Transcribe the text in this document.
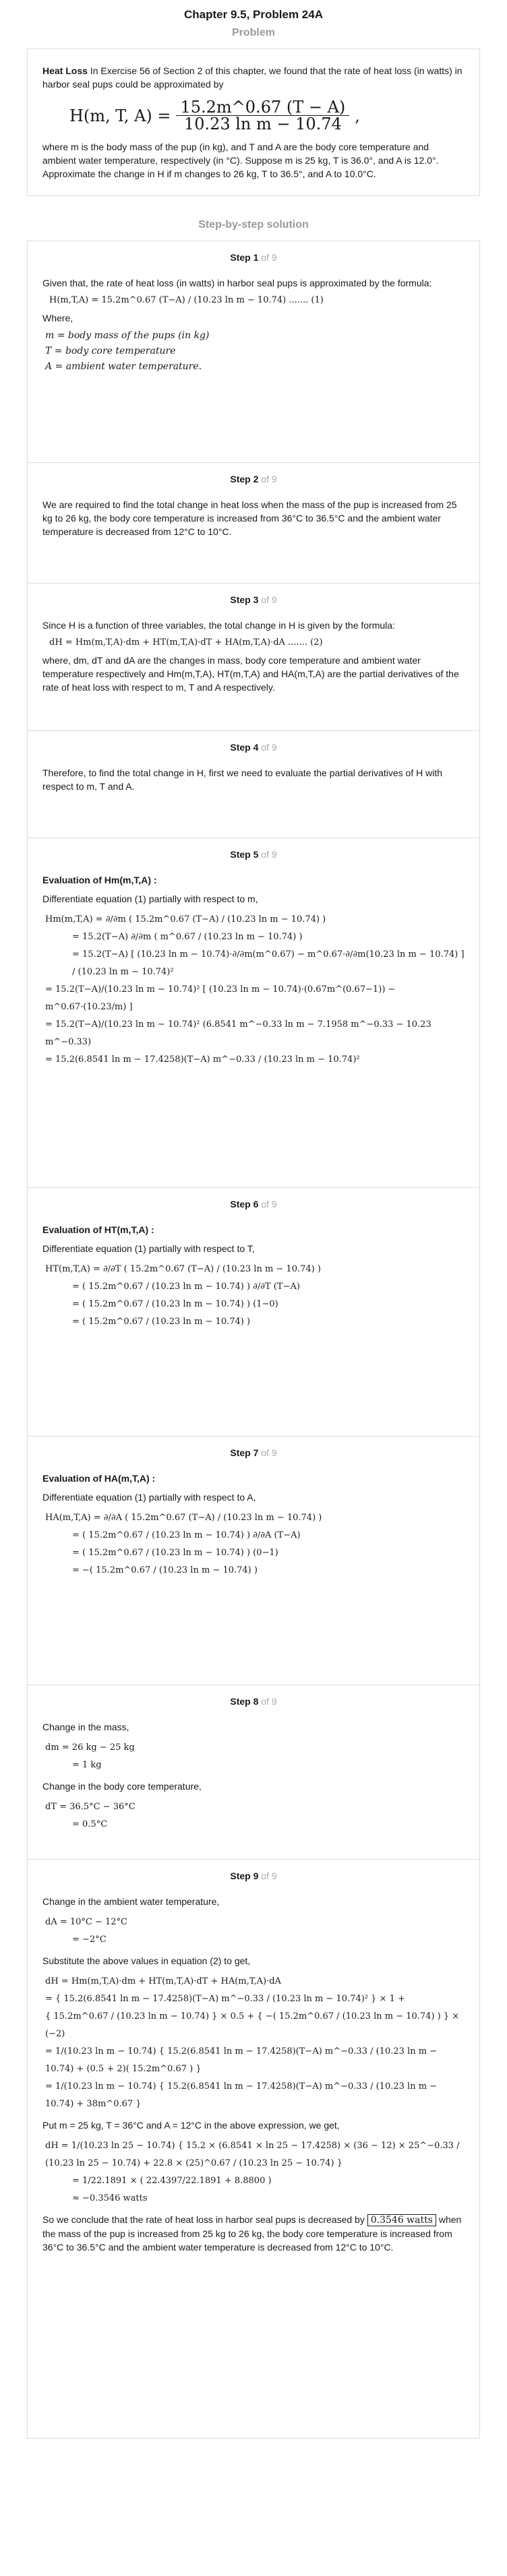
Chapter 9.5, Problem 24A
Problem

Heat Loss In Exercise 56 of Section 2 of this chapter, we found that the rate of heat loss (in watts) in harbor seal pups could be approximated by

H(m, T, $A) = \frac{15.2m\^{}0.67 (T - A)}{\text{10.23 ln m − 10.74}}$ ,

where m is the body mass of the pup (in kg), and T and A are the body core temperature and ambient water temperature, respectively (in °C). Suppose m is 25 kg, T is 36.0°, and A is 12.0°. Approximate the change in H if m changes to 26 kg, T to 36.5°, and A to 10.0°C.

Step-by-step solution
Step 1 of 9

Given that, the rate of heat loss (in watts) in harbor seal pups is approximated by the formula:

H(m,T,A) = 15.2m^0.67 (T−A) / (10.23 ln m − 10.74) ....... (1)

Where,

m = body mass of the pups (in kg)
T = body core temperature
A = ambient water temperature.
Step 2 of 9

We are required to find the total change in heat loss when the mass of the pup is increased from 25 kg to 26 kg, the body core temperature is increased from 36°C to 36.5°C and the ambient water temperature is decreased from 12°C to 10°C.

Step 3 of 9

Since H is a function of three variables, the total change in H is given by the formula:

dH = Hm(m,T,A)·dm + HT(m,T,A)·dT + HA(m,T,A)·dA ....... (2)

where, dm, dT and dA are the changes in mass, body core temperature and ambient water temperature respectively and Hm(m,T,A), HT(m,T,A) and HA(m,T,A) are the partial derivatives of the rate of heat loss with respect to m, T and A respectively.

Step 4 of 9

Therefore, to find the total change in H, first we need to evaluate the partial derivatives of H with respect to m, T and A.

Step 5 of 9
Evaluation of Hm(m,T,A) :

Differentiate equation (1) partially with respect to m,

Hm(m,T,A) = ∂/∂m ( 15.2m^0.67 (T−A) / (10.23 ln m − 10.74) )
= 15.2(T−A) ∂/∂m ( m^0.67 / (10.23 ln m − 10.74) )
= 15.2(T−A) [ (10.23 ln m − 10.74)·∂/∂m(m^0.67) − m^0.67·∂/∂m(10.23 ln m − 10.74) ] / (10.23 ln m − 10.74)²
= 15.2(T−A)/(10.23 ln m − 10.74)² [ (10.23 ln m − 10.74)·(0.67m^(0.67−1)) − m^0.67·(10.23/m) ]
= 15.2(T−A)/(10.23 ln m − 10.74)² (6.8541 m^−0.33 ln m − 7.1958 m^−0.33 − 10.23 m^−0.33)
= 15.2(6.8541 ln m − 17.4258)(T−A) m^−0.33 / (10.23 ln m − 10.74)²
Step 6 of 9
Evaluation of HT(m,T,A) :

Differentiate equation (1) partially with respect to T,

HT(m,T,A) = ∂/∂T ( 15.2m^0.67 (T−A) / (10.23 ln m − 10.74) )
= ( 15.2m^0.67 / (10.23 ln m − 10.74) ) ∂/∂T (T−A)
= ( 15.2m^0.67 / (10.23 ln m − 10.74) ) (1−0)
= ( 15.2m^0.67 / (10.23 ln m − 10.74) )
Step 7 of 9
Evaluation of HA(m,T,A) :

Differentiate equation (1) partially with respect to A,

HA(m,T,A) = ∂/∂A ( 15.2m^0.67 (T−A) / (10.23 ln m − 10.74) )
= ( 15.2m^0.67 / (10.23 ln m − 10.74) ) ∂/∂A (T−A)
= ( 15.2m^0.67 / (10.23 ln m − 10.74) ) (0−1)
= −( 15.2m^0.67 / (10.23 ln m − 10.74) )
Step 8 of 9

Change in the mass,

dm = 26 kg − 25 kg
= 1 kg

Change in the body core temperature,

dT = 36.5°C − 36°C
= 0.5°C
Step 9 of 9

Change in the ambient water temperature,

dA = 10°C − 12°C
= −2°C

Substitute the above values in equation (2) to get,

dH = Hm(m,T,A)·dm + HT(m,T,A)·dT + HA(m,T,A)·dA
= { 15.2(6.8541 ln m − 17.4258)(T−A) m^−0.33 / (10.23 ln m − 10.74)² } × 1 +
{ 15.2m^0.67 / (10.23 ln m − 10.74) } × 0.5 + { −( 15.2m^0.67 / (10.23 ln m − 10.74) ) } × (−2)
= 1/(10.23 ln m − 10.74) { 15.2(6.8541 ln m − 17.4258)(T−A) m^−0.33 / (10.23 ln m − 10.74) + (0.5 + 2)( 15.2m^0.67 ) }
= 1/(10.23 ln m − 10.74) { 15.2(6.8541 ln m − 17.4258)(T−A) m^−0.33 / (10.23 ln m − 10.74) + 38m^0.67 }

Put m = 25 kg, T = 36°C and A = 12°C in the above expression, we get,

dH = 1/(10.23 ln 25 − 10.74) { 15.2 × (6.8541 × ln 25 − 17.4258) × (36 − 12) × 25^−0.33 / (10.23 ln 25 − 10.74) + 22.8 × (25)^0.67 / (10.23 ln 25 − 10.74) }
= 1/22.1891 × ( 22.4397/22.1891 + 8.8800 )
≈ −0.3546 watts

So we conclude that the rate of heat loss in harbor seal pups is decreased by 0.3546 watts when the mass of the pup is increased from 25 kg to 26 kg, the body core temperature is increased from 36°C to 36.5°C and the ambient water temperature is decreased from 12°C to 10°C.
